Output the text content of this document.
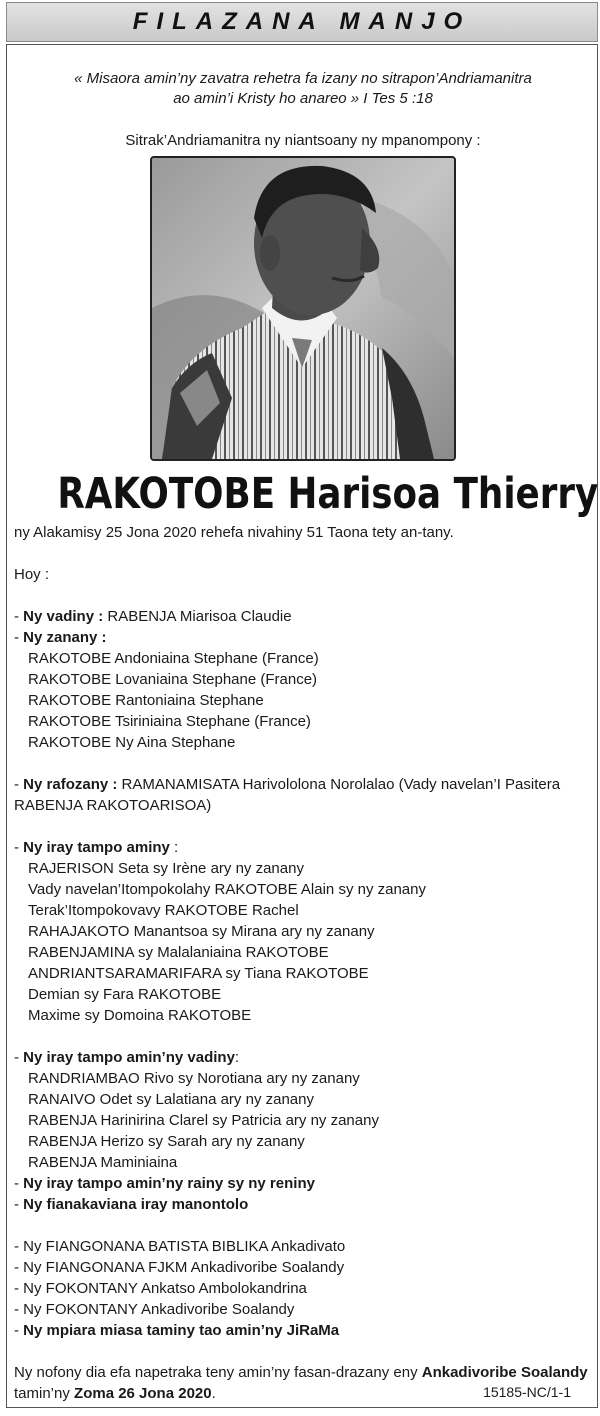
FILAZANA MANJO
« Misaora amin’ny zavatra rehetra fa izany no sitrapon’Andriamanitra
ao amin’i Kristy ho anareo » I Tes 5 :18
Sitrak’Andriamanitra ny niantsoany ny mpanompony :
RAKOTOBE Harisoa Thierry

ny Alakamisy 25 Jona 2020 rehefa nivahiny 51 Taona tety an-tany.

Hoy :

- Ny vadiny : RABENJA Miarisoa Claudie

- Ny zanany :

RAKOTOBE Andoniaina Stephane (France)

RAKOTOBE Lovaniaina Stephane (France)

RAKOTOBE Rantoniaina Stephane

RAKOTOBE Tsiriniaina Stephane (France)

RAKOTOBE Ny Aina Stephane

- Ny rafozany : RAMANAMISATA Harivololona Norolalao (Vady navelan’I Pasitera RABENJA RAKOTOARISOA)

- Ny iray tampo aminy :

RAJERISON Seta sy Irène ary ny zanany

Vady navelan’Itompokolahy RAKOTOBE Alain sy ny zanany

Terak’Itompokovavy RAKOTOBE Rachel

RAHAJAKOTO Manantsoa sy Mirana ary ny zanany

RABENJAMINA sy Malalaniaina RAKOTOBE

ANDRIANTSARAMARIFARA sy Tiana RAKOTOBE

Demian sy Fara RAKOTOBE

Maxime sy Domoina RAKOTOBE

- Ny iray tampo amin’ny vadiny:

RANDRIAMBAO Rivo sy Norotiana ary ny zanany

RANAIVO Odet sy Lalatiana ary ny zanany

RABENJA Harinirina Clarel sy Patricia ary ny zanany

RABENJA Herizo sy Sarah ary ny zanany

RABENJA Maminiaina

- Ny iray tampo amin’ny rainy sy ny reniny

- Ny fianakaviana iray manontolo

- Ny FIANGONANA BATISTA BIBLIKA Ankadivato

- Ny FIANGONANA FJKM Ankadivoribe Soalandy

- Ny FOKONTANY Ankatso Ambolokandrina

- Ny FOKONTANY Ankadivoribe Soalandy

- Ny mpiara miasa taminy tao amin’ny JiRaMa

Ny nofony dia efa napetraka teny amin’ny fasan-drazany eny Ankadivoribe Soalandy

tamin’ny Zoma 26 Jona 2020.	15185-NC/1-1
